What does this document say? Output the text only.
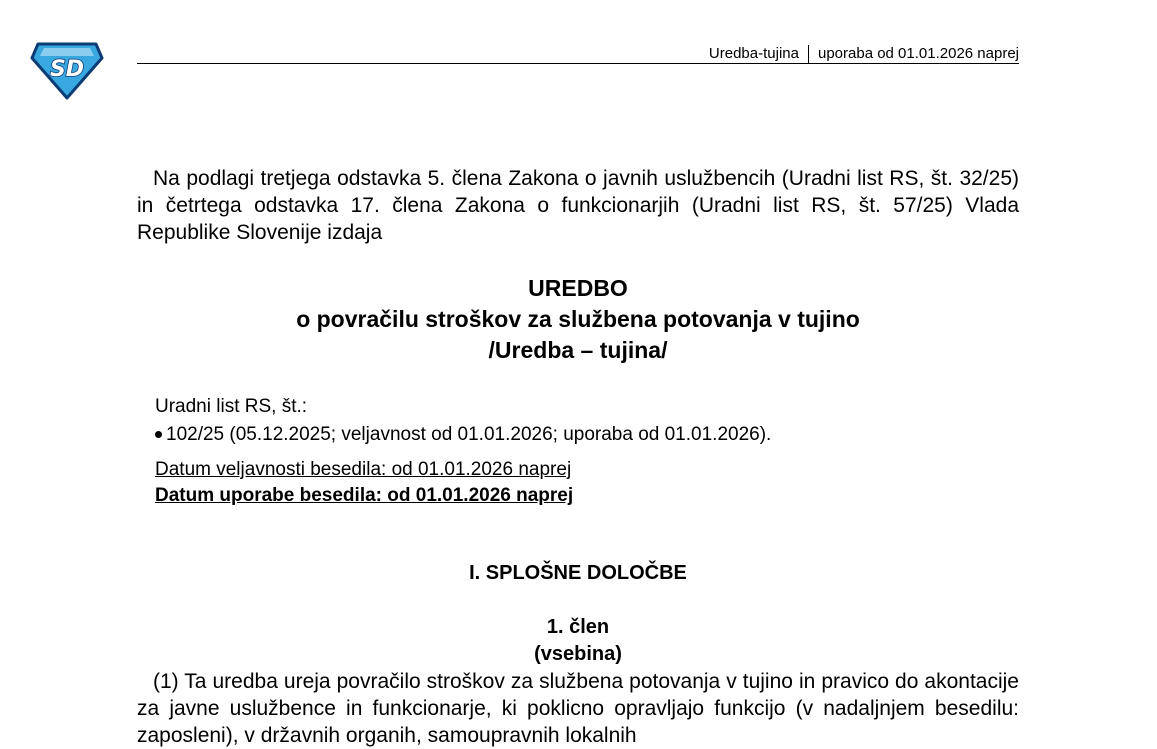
SD
Uredba-tujina uporaba od 01.01.2026 naprej

Na podlagi tretjega odstavka 5. člena Zakona o javnih uslužbencih (Uradni list RS, št. 32/25) in četrtega odstavka 17. člena Zakona o funkcionarjih (Uradni list RS, št. 57/25) Vlada Republike Slovenije izdaja

UREDBO
o povračilu stroškov za službena potovanja v tujino
/Uredba – tujina/
Uradni list RS, št.:
102/25 (05.12.2025; veljavnost od 01.01.2026; uporaba od 01.01.2026).
Datum veljavnosti besedila: od 01.01.2026 naprej
Datum uporabe besedila: od 01.01.2026 naprej
I. SPLOŠNE DOLOČBE
1. člen
(vsebina)

(1) Ta uredba ureja povračilo stroškov za službena potovanja v tujino in pravico do akontacije za javne uslužbence in funkcionarje, ki poklicno opravljajo funkcijo (v nadaljnjem besedilu: zaposleni), v državnih organih, samoupravnih lokalnih
